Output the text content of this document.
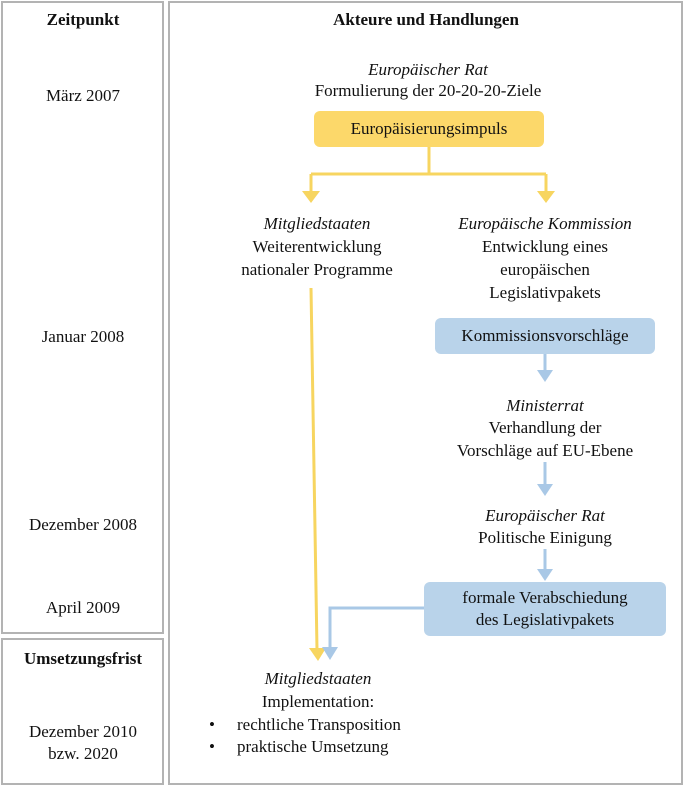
Zeitpunkt	Akteure und Handlungen
Umsetzungsfrist
März 2007
Januar 2008
Dezember 2008
April 2009
Dezember 2010
bzw. 2020
Europäischer Rat
Formulierung der 20-20-20-Ziele
Europäisierungsimpuls
Mitgliedstaaten
Weiterentwicklung
nationaler Programme
Europäische Kommission
Entwicklung eines
europäischen
Legislativpakets
Kommissionsvorschläge
Ministerrat
Verhandlung der
Vorschläge auf EU-Ebene
Europäischer Rat
Politische Einigung
formale Verabschiedung
des Legislativpakets
Mitgliedstaaten
Implementation:
• rechtliche Transposition
• praktische Umsetzung
